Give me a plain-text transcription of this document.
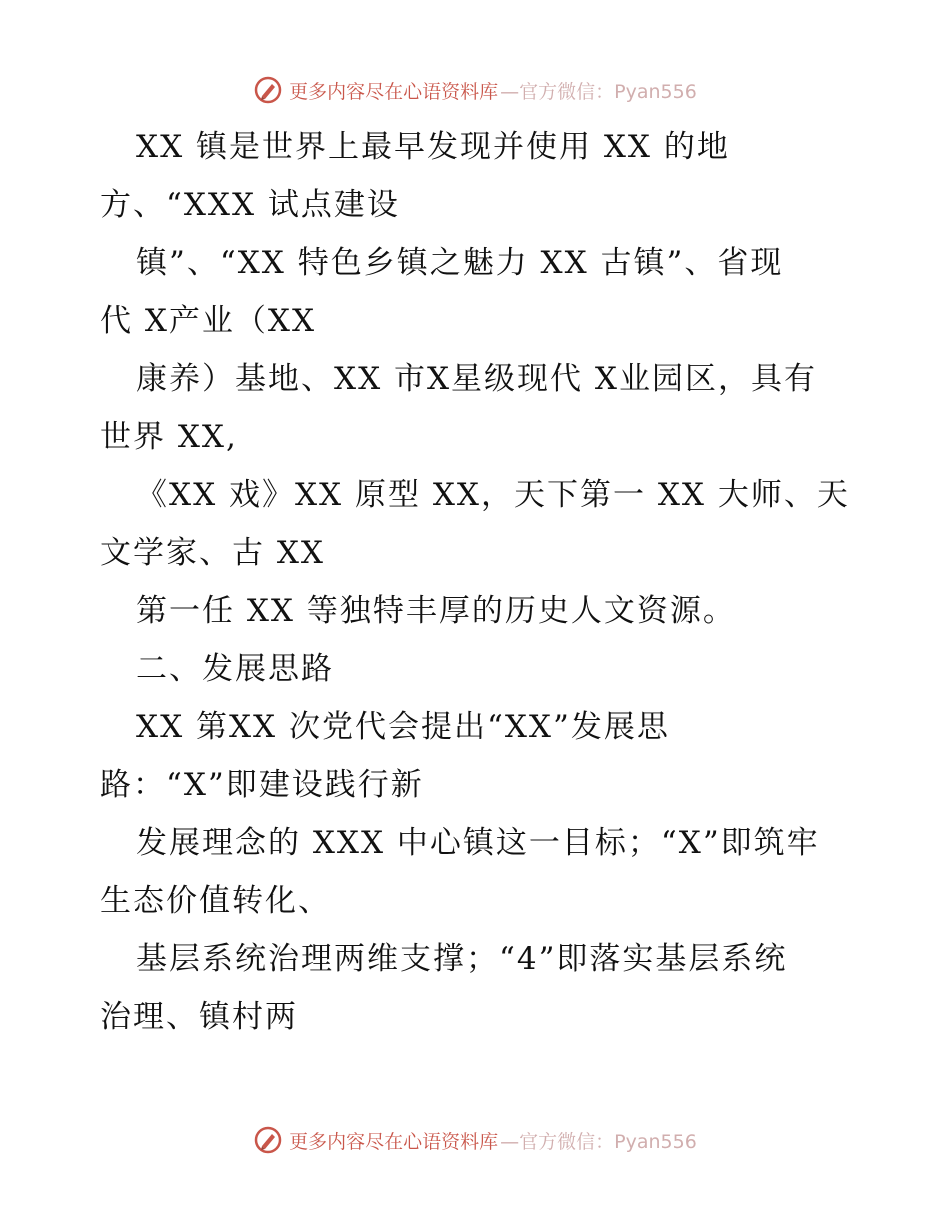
更多内容尽在心语资料库 —官方微信：Pyan556
XX 镇是世界上最早发现并使用 XX 的地
方、“XXX 试点建设
镇”、“XX 特色乡镇之魅力 XX 古镇”、省现
代 X产业（XX
康养）基地、XX 市X星级现代 X业园区，具有
世界 XX,
《XX 戏》XX 原型 XX，天下第一 XX 大师、天
文学家、古 XX
第一任 XX 等独特丰厚的历史人文资源。
二、发展思路
XX 第XX 次党代会提出“XX”发展思
路：“X”即建设践行新
发展理念的 XXX 中心镇这一目标；“X”即筑牢
生态价值转化、
基层系统治理两维支撑；“4”即落实基层系统
治理、镇村两
更多内容尽在心语资料库 —官方微信：Pyan556
